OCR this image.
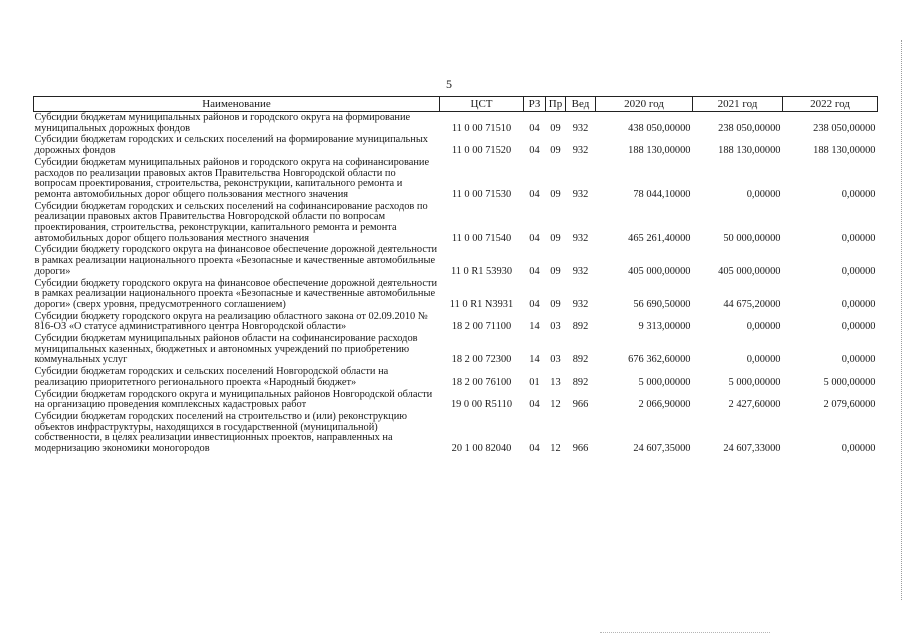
5
Наименование	ЦСТ	РЗ	Пр	Вед	2020 год	2021 год	2022 год
Субсидии бюджетам муниципальных районов и городского округа на формирование муниципальных дорожных фондов	11 0 00 71510	04	09	932	438 050,00000	238 050,00000	238 050,00000
Субсидии бюджетам городских и сельских поселений на формирование муниципальных дорожных фондов	11 0 00 71520	04	09	932	188 130,00000	188 130,00000	188 130,00000
Субсидии бюджетам муниципальных районов и городского округа на софинансирование расходов по реализации правовых актов Правительства Новгородской области по вопросам проектирования, строительства, реконструкции, капитального ремонта и ремонта автомобильных дорог общего пользования местного значения	11 0 00 71530	04	09	932	78 044,10000	0,00000	0,00000
Субсидии бюджетам городских и сельских поселений на софинансирование расходов по реализации правовых актов Правительства Новгородской области по вопросам проектирования, строительства, реконструкции, капитального ремонта и ремонта автомобильных дорог общего пользования местного значения	11 0 00 71540	04	09	932	465 261,40000	50 000,00000	0,00000
Субсидии бюджету городского округа на финансовое обеспечение дорожной деятельности в рамках реализации национального проекта «Безопасные и качественные автомобильные дороги»	11 0 R1 53930	04	09	932	405 000,00000	405 000,00000	0,00000
Субсидии бюджету городского округа на финансовое обеспечение дорожной деятельности в рамках реализации национального проекта «Безопасные и качественные автомобильные дороги» (сверх уровня, предусмотренного соглашением)	11 0 R1 N3931	04	09	932	56 690,50000	44 675,20000	0,00000
Субсидии бюджету городского округа на реализацию областного закона от 02.09.2010 № 816-ОЗ «О статусе административного центра Новгородской области»	18 2 00 71100	14	03	892	9 313,00000	0,00000	0,00000
Субсидии бюджетам муниципальных районов области на софинансирование расходов муниципальных казенных, бюджетных и автономных учреждений по приобретению коммунальных услуг	18 2 00 72300	14	03	892	676 362,60000	0,00000	0,00000
Субсидии бюджетам городских и сельских поселений Новгородской области на реализацию приоритетного регионального проекта «Народный бюджет»	18 2 00 76100	01	13	892	5 000,00000	5 000,00000	5 000,00000
Субсидии бюджетам городского округа и муниципальных районов Новгородской области на организацию проведения комплексных кадастровых работ	19 0 00 R5110	04	12	966	2 066,90000	2 427,60000	2 079,60000
Субсидии бюджетам городских поселений на строительство и (или) реконструкцию объектов инфраструктуры, находящихся в государственной (муниципальной) собственности, в целях реализации инвестиционных проектов, направленных на модернизацию экономики моногородов	20 1 00 82040	04	12	966	24 607,35000	24 607,33000	0,00000
